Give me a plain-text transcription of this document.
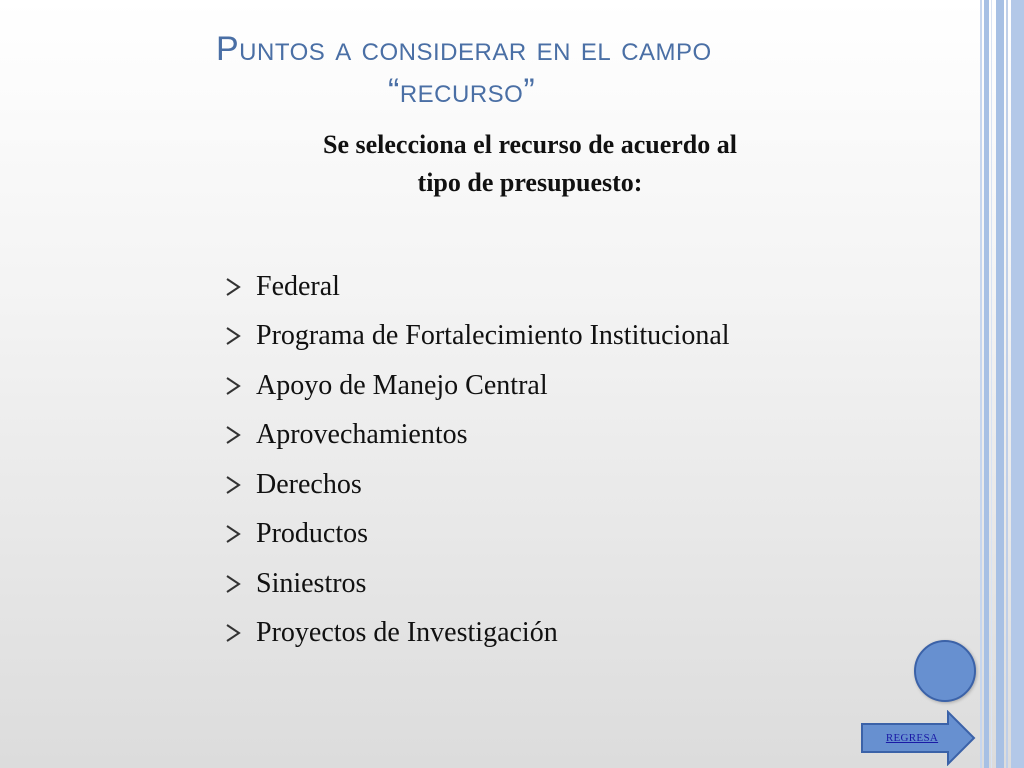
Puntos a considerar en el campo
“recurso”
Se selecciona el recurso de acuerdo al
tipo de presupuesto:
Federal
Programa de Fortalecimiento Institucional
Apoyo de Manejo Central
Aprovechamientos
Derechos
Productos
Siniestros
Proyectos de Investigación
REGRESA
